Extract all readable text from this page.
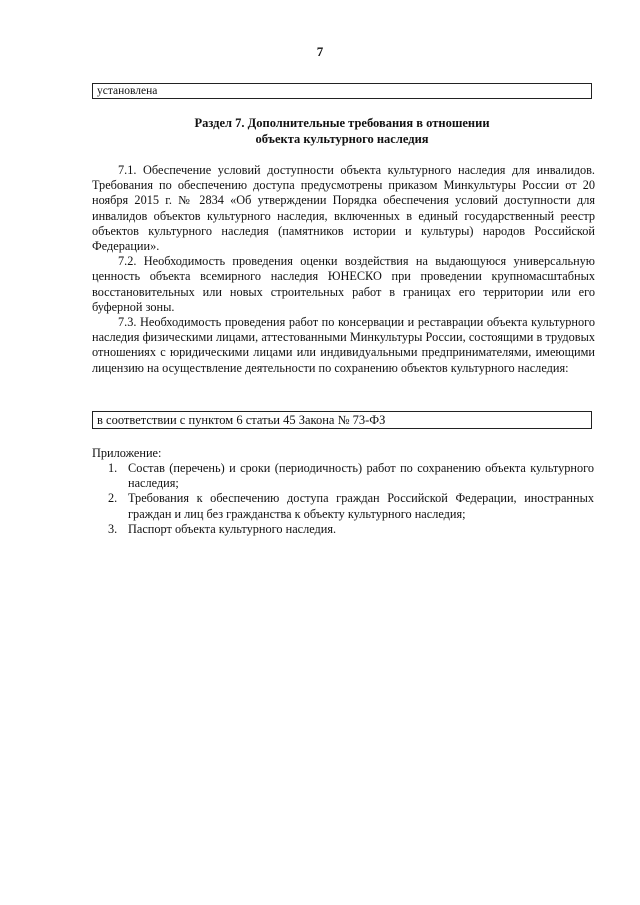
7
установлена
Раздел 7. Дополнительные требования в отношении
объекта культурного наследия

7.1. Обеспечение условий доступности объекта культурного наследия для инвалидов. Требования по обеспечению доступа предусмотрены приказом Минкультуры России от 20 ноября 2015 г. № 2834 «Об утверждении Порядка обеспечения условий доступности для инвалидов объектов культурного наследия, включенных в единый государственный реестр объектов культурного наследия (памятников истории и культуры) народов Российской Федерации».

7.2. Необходимость проведения оценки воздействия на выдающуюся универсальную ценность объекта всемирного наследия ЮНЕСКО при проведении крупномасштабных восстановительных или новых строительных работ в границах его территории или его буферной зоны.

7.3. Необходимость проведения работ по консервации и реставрации объекта культурного наследия физическими лицами, аттестованными Минкультуры России, состоящими в трудовых отношениях с юридическими лицами или индивидуальными предпринимателями, имеющими лицензию на осуществление деятельности по сохранению объектов культурного наследия:

в соответствии с пунктом 6 статьи 45 Закона № 73-ФЗ
Приложение:
1. Состав (перечень) и сроки (периодичность) работ по сохранению объекта культурного наследия;
2. Требования к обеспечению доступа граждан Российской Федерации, иностранных граждан и лиц без гражданства к объекту культурного наследия;
3. Паспорт объекта культурного наследия.
